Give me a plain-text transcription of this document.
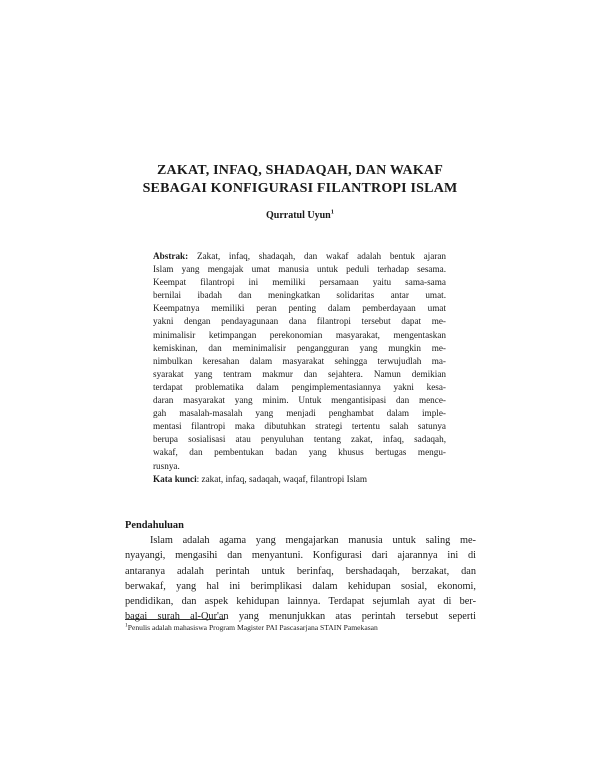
ZAKAT, INFAQ, SHADAQAH, DAN WAKAF
SEBAGAI KONFIGURASI FILANTROPI ISLAM
Qurratul Uyun$^1$
Abstrak: Zakat, infaq, shadaqah, dan wakaf adalah bentuk ajaran
Islam yang mengajak umat manusia untuk peduli terhadap sesama.
Keempat filantropi ini memiliki persamaan yaitu sama-sama
bernilai ibadah dan meningkatkan solidaritas antar umat.
Keempatnya memiliki peran penting dalam pemberdayaan umat
yakni dengan pendayagunaan dana filantropi tersebut dapat me-
minimalisir ketimpangan perekonomian masyarakat, mengentaskan
kemiskinan, dan meminimalisir pengangguran yang mungkin me-
nimbulkan keresahan dalam masyarakat sehingga terwujudlah ma-
syarakat yang tentram makmur dan sejahtera. Namun demikian
terdapat problematika dalam pengimplementasiannya yakni kesa-
daran masyarakat yang minim. Untuk mengantisipasi dan mence-
gah masalah-masalah yang menjadi penghambat dalam imple-
mentasi filantropi maka dibutuhkan strategi tertentu salah satunya
berupa sosialisasi atau penyuluhan tentang zakat, infaq, sadaqah,
wakaf, dan pembentukan badan yang khusus bertugas mengu-
rusnya.
Kata kunci: zakat, infaq, sadaqah, waqaf, filantropi Islam
Pendahuluan
Islam adalah agama yang mengajarkan manusia untuk saling me-
nyayangi, mengasihi dan menyantuni. Konfigurasi dari ajarannya ini di
antaranya adalah perintah untuk berinfaq, bershadaqah, berzakat, dan
berwakaf, yang hal ini berimplikasi dalam kehidupan sosial, ekonomi,
pendidikan, dan aspek kehidupan lainnya. Terdapat sejumlah ayat di ber-
bagai surah al-Qur'an yang menunjukkan atas perintah tersebut seperti
$^1$Penulis adalah mahasiswa Program Magister PAI Pascasarjana STAIN Pamekasan
